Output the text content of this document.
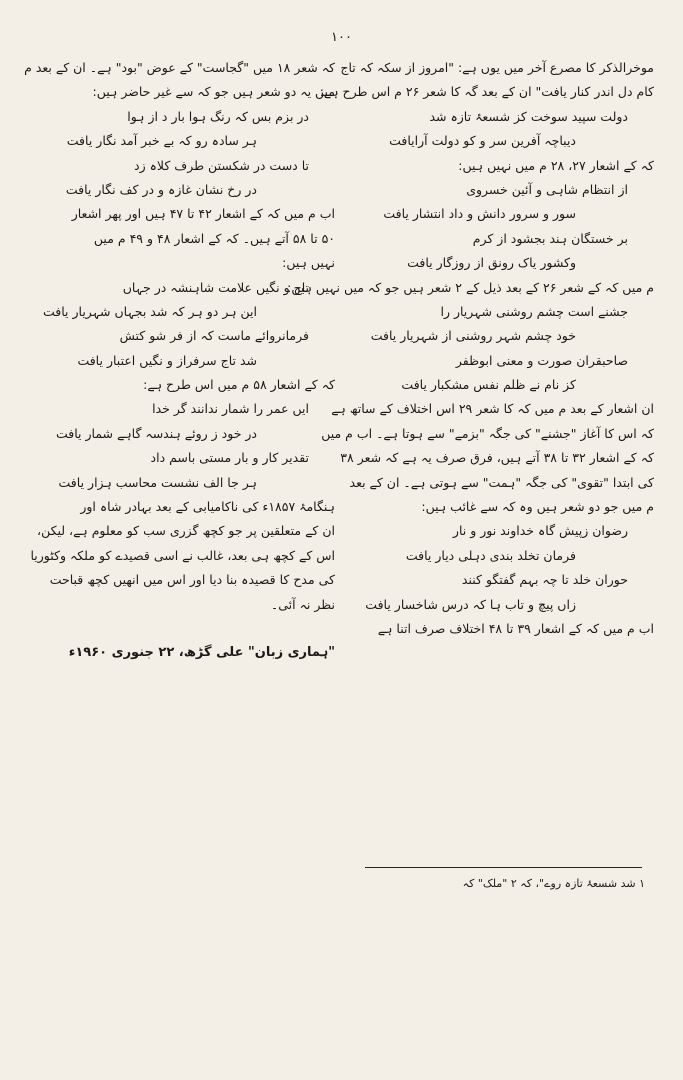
۱۰۰
موخرالذکر کا مصرع آخر میں یوں ہے: "امروز از سکہ کہ تاج
کام دل اندر کنار یافت" ان کے بعد گہ کا شعر ۲۶ م اس طرح ہے:
دولت سپید سوخت کز شسعۂ تازہ شد
دیباچہ آفرین سر و کو دولت آرایافت
کہ کے اشعار ۲۷، ۲۸ م میں نہیں ہیں:
از انتظام شاہی و آئین خسروی
سور و سرور دانش و داد انتشار یافت
بر خستگان ہند بجشود از کرم
وکشور یاک رونق از روزگار یافت
م میں کہ کے شعر ۲۶ کے بعد ذیل کے ۲ شعر ہیں جو کہ میں نہیں ہیں:
جشنے است چشم روشنی شہریار را
خود چشم شہر روشنی از شہریار یافت
صاحبقران صورت و معنی ابوظفر
کز نام نے ظلم نفس مشکبار یافت
ان اشعار کے بعد م میں کہ کا شعر ۲۹ اس اختلاف کے ساتھ ہے
کہ اس کا آغاز "جشنے" کی جگہ "بزمے" سے ہوتا ہے۔ اب م میں
کہ کے اشعار ۳۲ تا ۳۸ آتے ہیں، فرق صرف یہ ہے کہ شعر ۳۸
کی ابتدا "تقوی" کی جگہ "ہمت" سے ہوتی ہے۔ ان کے بعد
م میں جو دو شعر ہیں وہ کہ سے غائب ہیں:
رضوان زپیش گاہ خداوند نور و نار
فرمان تخلد بندی دہلی دیار یافت
حوران خلد تا چہ بہم گفتگو کنند
زاں پیچ و تاب ہا کہ درس شاخسار یافت
اب م میں کہ کے اشعار ۳۹ تا ۴۸ اختلاف صرف اتنا ہے
کہ شعر ۱۸ میں "گجاست" کے عوض "بود" ہے۔ ان کے بعد م
میں یہ دو شعر ہیں جو کہ سے غیر حاضر ہیں:
در بزم بس کہ رنگ ہوا بار د از ہوا
ہر سادہ رو کہ بے خبر آمد نگار یافت
تا دست در شکستن طرف کلاہ زد
در رخ نشان غازہ و در کف نگار یافت
اب م میں کہ کے اشعار ۴۲ تا ۴۷ ہیں اور پھر اشعار
۵۰ تا ۵۸ آتے ہیں۔ کہ کے اشعار ۴۸ و ۴۹ م میں
نہیں ہیں:
تاج و نگیں علامت شاہنشہ در جہاں
این ہر دو ہر کہ شد بجہاں شہریار یافت
فرمانروائے ماست کہ از فر شو کتش
شد تاج سرفراز و نگیں اعتبار یافت
کہ کے اشعار ۵۸ م میں اس طرح ہے:
ایں عمر را شمار ندانند گر خدا
در خود ز روئے ہندسہ گاہے شمار یافت
تقدیر کار و بار مستی باسم داد
ہر جا الف نشست محاسب ہزار یافت
ہنگامۂ ۱۸۵۷ء کی ناکامیابی کے بعد بہادر شاہ اور
ان کے متعلقین پر جو کچھ گزری سب کو معلوم ہے، لیکن،
اس کے کچھ ہی بعد، غالب نے اسی قصیدے کو ملکہ وکٹوریا
کی مدح کا قصیدہ بنا دیا اور اس میں انھیں کچھ قباحت
نظر نہ آئی۔
"ہماری زبان" علی گڑھ، ۲۲ جنوری ۱۹۶۰ء
۱ شد شسعۂ تازہ روے"، کہ ۲ "ملک" کہ
